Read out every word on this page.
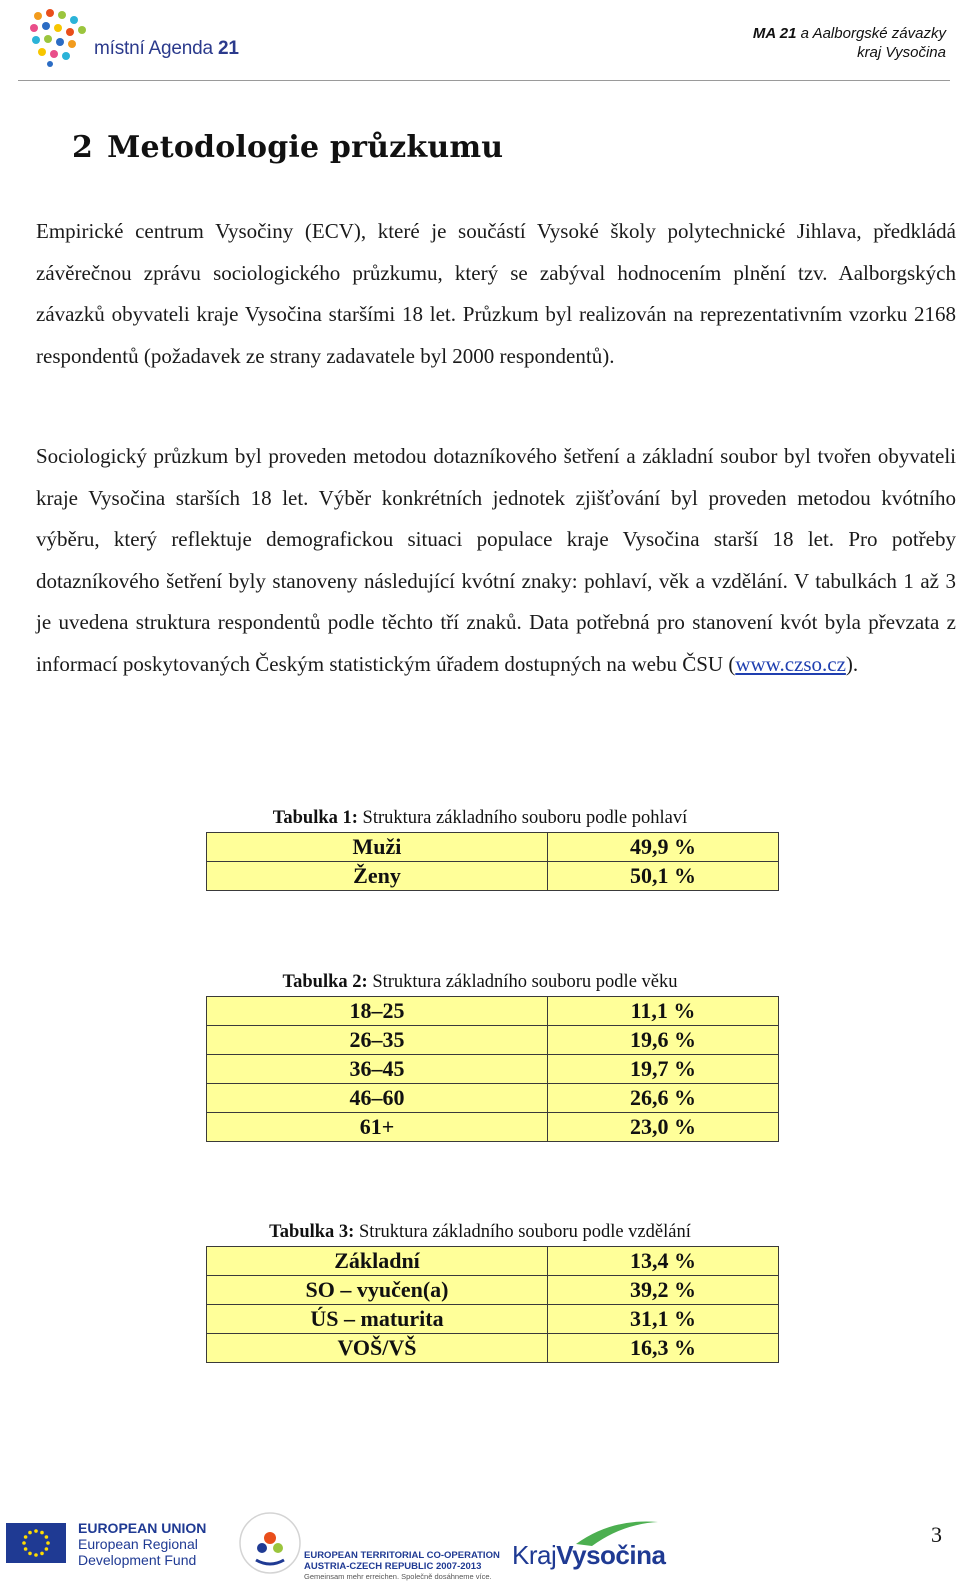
místní Agenda 21
MA 21 a Aalborgské závazky
kraj Vysočina
2 Metodologie průzkumu
Empirické centrum Vysočiny (ECV), které je součástí Vysoké školy polytechnické Jihlava, předkládá závěrečnou zprávu sociologického průzkumu, který se zabýval hodnocením plnění tzv. Aalborgských závazků obyvateli kraje Vysočina staršími 18 let. Průzkum byl realizován na reprezentativním vzorku 2168 respondentů (požadavek ze strany zadavatele byl 2000 respondentů).
Sociologický průzkum byl proveden metodou dotazníkového šetření a základní soubor byl tvořen obyvateli kraje Vysočina starších 18 let. Výběr konkrétních jednotek zjišťování byl proveden metodou kvótního výběru, který reflektuje demografickou situaci populace kraje Vysočina starší 18 let. Pro potřeby dotazníkového šetření byly stanoveny následující kvótní znaky: pohlaví, věk a vzdělání. V tabulkách 1 až 3 je uvedena struktura respondentů podle těchto tří znaků. Data potřebná pro stanovení kvót byla převzata z informací poskytovaných Českým statistickým úřadem dostupných na webu ČSU (www.czso.cz).
Tabulka 1: Struktura základního souboru podle pohlaví
Muži	49,9 %
Ženy	50,1 %
Tabulka 2: Struktura základního souboru podle věku
18–25	11,1 %
26–35	19,6 %
36–45	19,7 %
46–60	26,6 %
61+	23,0 %
Tabulka 3: Struktura základního souboru podle vzdělání
Základní	13,4 %
SO – vyučen(a)	39,2 %
ÚS – maturita	31,1 %
VOŠ/VŠ	16,3 %
EUROPEAN UNION
European Regional
Development Fund	EUROPEAN TERRITORIAL CO-OPERATION
AUSTRIA-CZECH REPUBLIC 2007-2013
Gemeinsam mehr erreichen. Společně dosáhneme více.
KrajVysočina
3
